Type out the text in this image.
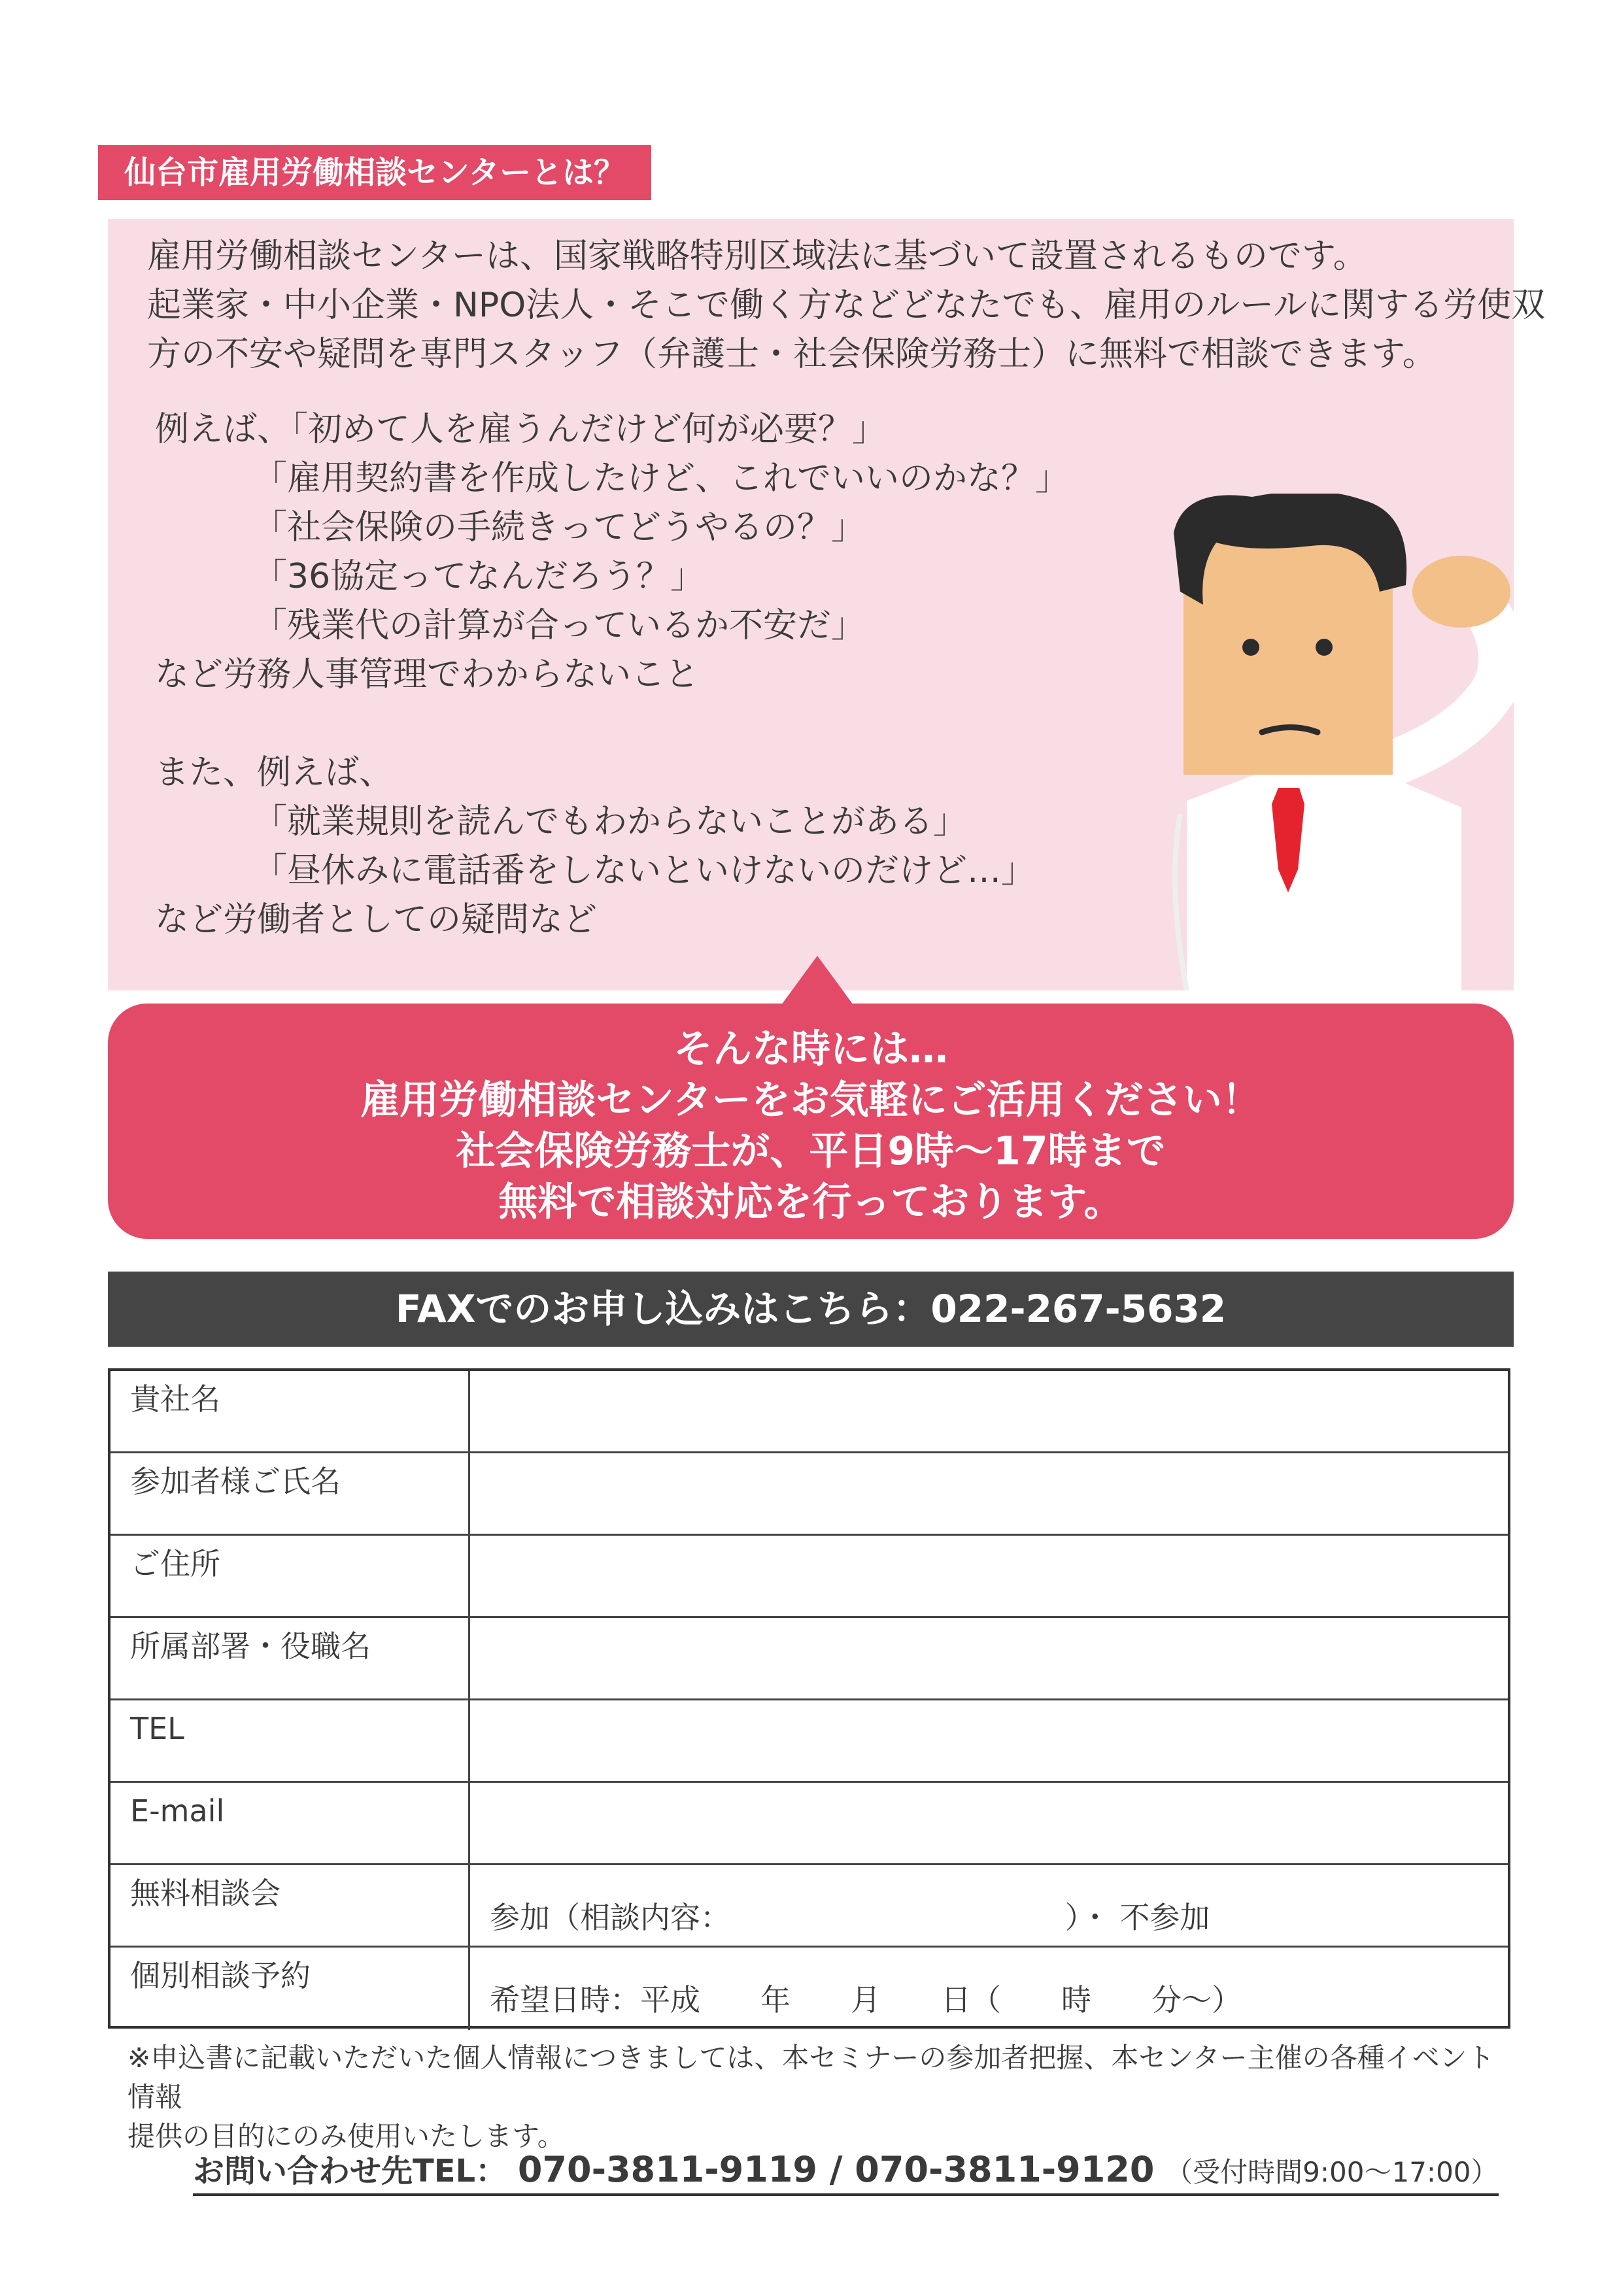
仙台市雇用労働相談センターとは？

雇用労働相談センターは、国家戦略特別区域法に基づいて設置されるものです。

起業家・中小企業・NPO法人・そこで働く方などどなたでも、雇用のルールに関する労使双

方の不安や疑問を専門スタッフ（弁護士・社会保険労務士）に無料で相談できます。

例えば、「初めて人を雇うんだけど何が必要？」

「雇用契約書を作成したけど、これでいいのかな？」

「社会保険の手続きってどうやるの？」

「36協定ってなんだろう？」

「残業代の計算が合っているか不安だ」

など労務人事管理でわからないこと

また、例えば、

「就業規則を読んでもわからないことがある」

「昼休みに電話番をしないといけないのだけど…」

など労働者としての疑問など

そんな時には…
雇用労働相談センターをお気軽にご活用ください！
社会保険労務士が、平日9時～17時まで
無料で相談対応を行っております。
FAXでのお申し込みはこちら：022-267-5632
貴社名
参加者様ご氏名
ご住所
所属部署・役職名
TEL
E-mail
無料相談会
参加（相談内容：                                   ）・ 不参加
個別相談予約
希望日時：平成　　年　　月　　日（　　時　　分～）

※申込書に記載いただいた個人情報につきましては、本セミナーの参加者把握、本センター主催の各種イベント情報

提供の目的にのみ使用いたします。

お問い合わせ先TEL： 070-3811-9119 / 070-3811-9120 （受付時間9:00～17:00）
